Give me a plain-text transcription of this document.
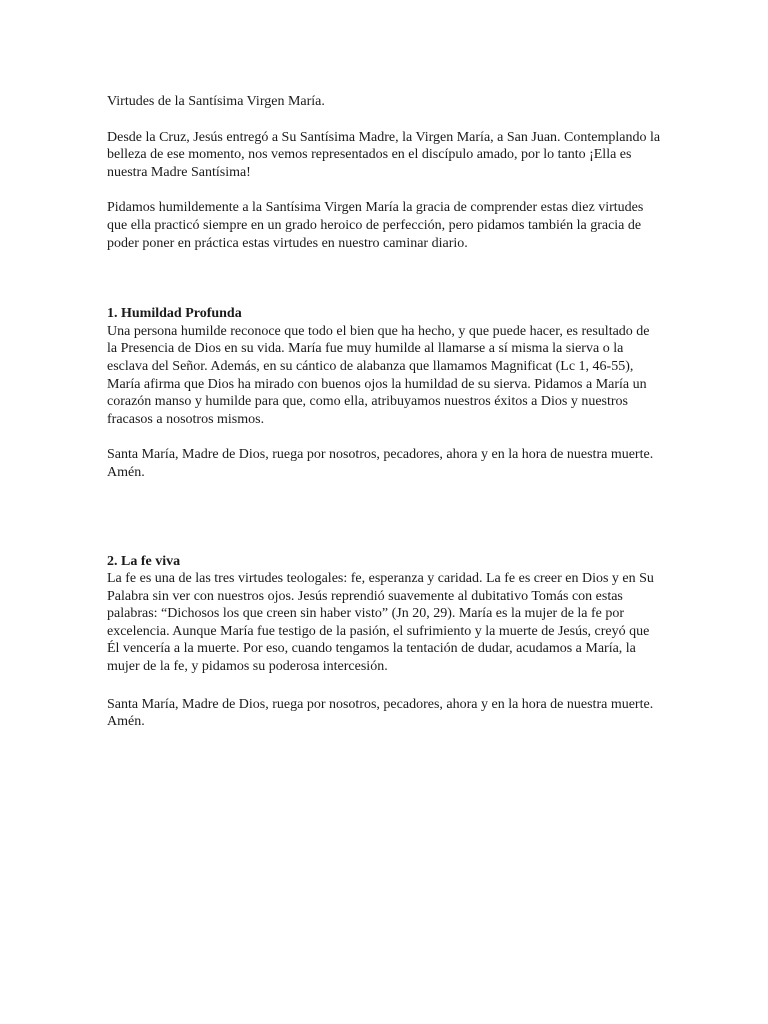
Virtudes de la Santísima Virgen María.

Desde la Cruz, Jesús entregó a Su Santísima Madre, la Virgen María, a San Juan. Contemplando la belleza de ese momento, nos vemos representados en el discípulo amado, por lo tanto ¡Ella es nuestra Madre Santísima!

Pidamos humildemente a la Santísima Virgen María la gracia de comprender estas diez virtudes que ella practicó siempre en un grado heroico de perfección, pero pidamos también la gracia de poder poner en práctica estas virtudes en nuestro caminar diario.

1. Humildad Profunda

Una persona humilde reconoce que todo el bien que ha hecho, y que puede hacer, es resultado de la Presencia de Dios en su vida. María fue muy humilde al llamarse a sí misma la sierva o la esclava del Señor. Además, en su cántico de alabanza que llamamos Magnificat (Lc 1, 46-55), María afirma que Dios ha mirado con buenos ojos la humildad de su sierva. Pidamos a María un corazón manso y humilde para que, como ella, atribuyamos nuestros éxitos a Dios y nuestros fracasos a nosotros mismos.

Santa María, Madre de Dios, ruega por nosotros, pecadores, ahora y en la hora de nuestra muerte. Amén.

2. La fe viva

La fe es una de las tres virtudes teologales: fe, esperanza y caridad. La fe es creer en Dios y en Su Palabra sin ver con nuestros ojos. Jesús reprendió suavemente al dubitativo Tomás con estas palabras: “Dichosos los que creen sin haber visto” (Jn 20, 29). María es la mujer de la fe por excelencia. Aunque María fue testigo de la pasión, el sufrimiento y la muerte de Jesús, creyó que Él vencería a la muerte. Por eso, cuando tengamos la tentación de dudar, acudamos a María, la mujer de la fe, y pidamos su poderosa intercesión.

Santa María, Madre de Dios, ruega por nosotros, pecadores, ahora y en la hora de nuestra muerte. Amén.
